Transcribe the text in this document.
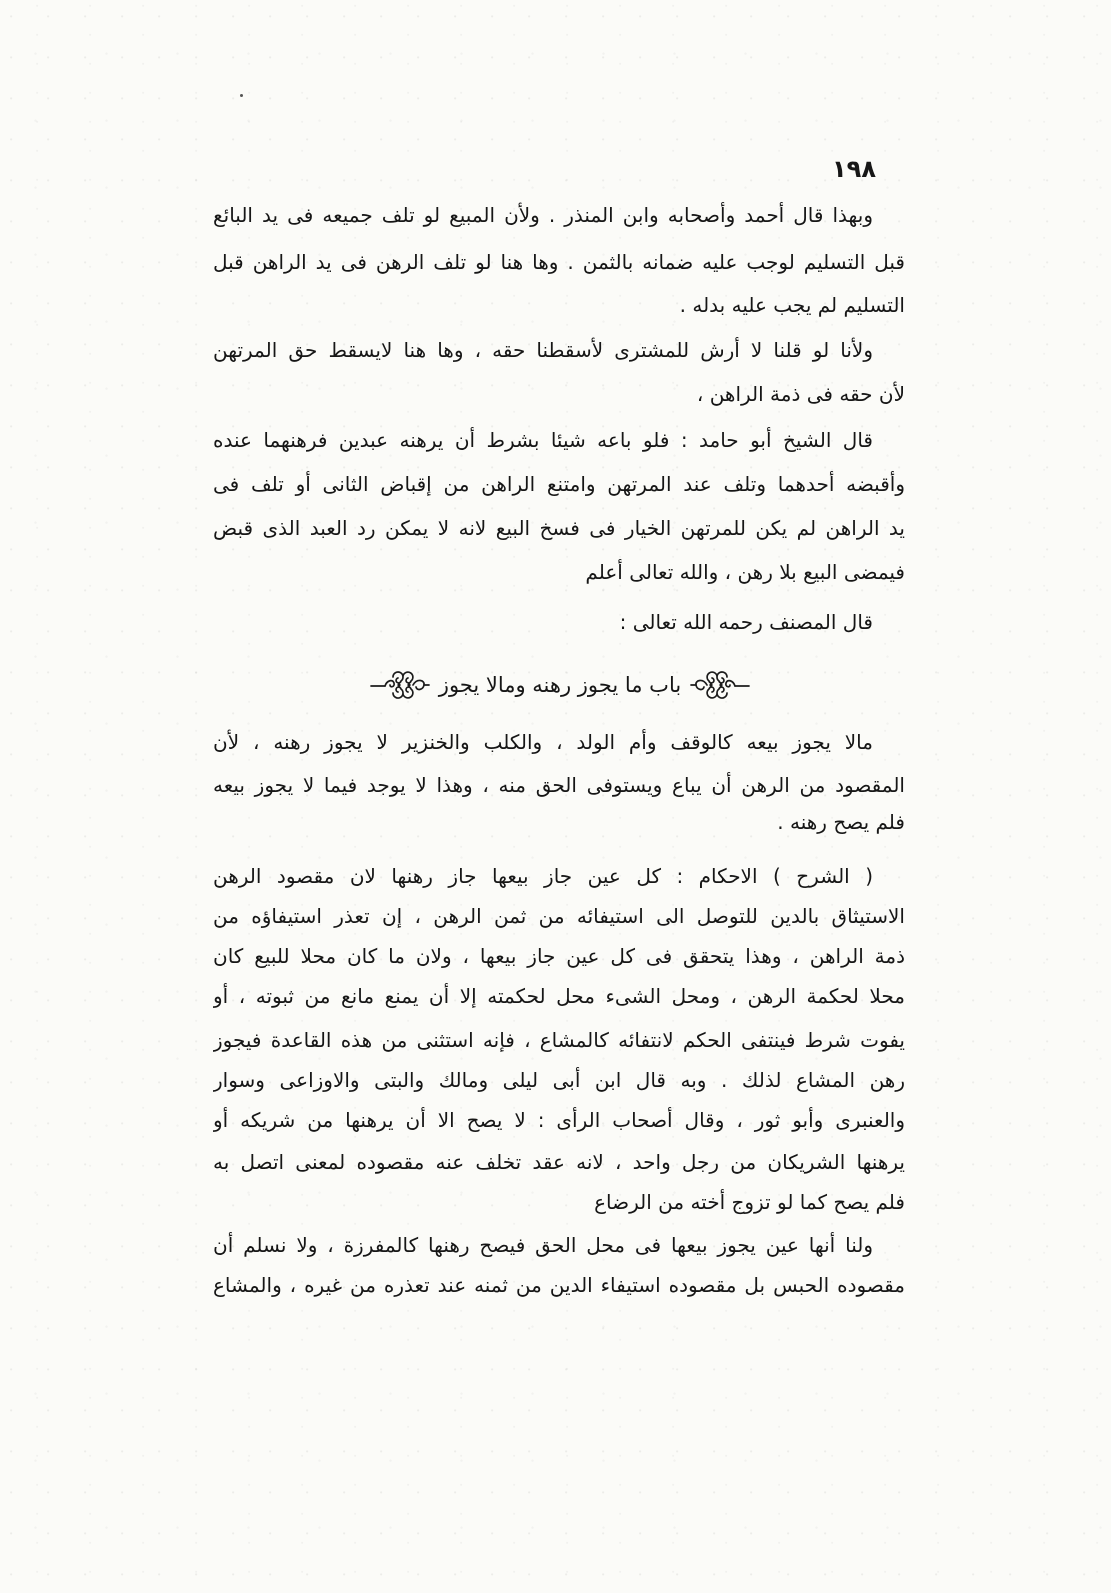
١٩٨
وبهذا قال أحمد وأصحابه وابن المنذر . ولأن المبيع لو تلف جميعه فى يد البائع
قبل التسليم لوجب عليه ضمانه بالثمن . وها هنا لو تلف الرهن فى يد الراهن قبل
التسليم لم يجب عليه بدله .
ولأنا لو قلنا لا أرش للمشترى لأسقطنا حقه ، وها هنا لايسقط حق المرتهن
لأن حقه فى ذمة الراهن ،
قال الشيخ أبو حامد : فلو باعه شيئا بشرط أن يرهنه عبدين فرهنهما عنده
وأقبضه أحدهما وتلف عند المرتهن وامتنع الراهن من إقباض الثانى أو تلف فى
يد الراهن لم يكن للمرتهن الخيار فى فسخ البيع لانه لا يمكن رد العبد الذى قبض
فيمضى البيع بلا رهن ، والله تعالى أعلم
قال المصنف رحمه الله تعالى :
باب ما يجوز رهنه ومالا يجوز
مالا يجوز بيعه كالوقف وأم الولد ، والكلب والخنزير لا يجوز رهنه ، لأن
المقصود من الرهن أن يباع ويستوفى الحق منه ، وهذا لا يوجد فيما لا يجوز بيعه
فلم يصح رهنه .
( الشرح ) الاحكام : كل عين جاز بيعها جاز رهنها لان مقصود الرهن
الاستيثاق بالدين للتوصل الى استيفائه من ثمن الرهن ، إن تعذر استيفاؤه من
ذمة الراهن ، وهذا يتحقق فى كل عين جاز بيعها ، ولان ما كان محلا للبيع كان
محلا لحكمة الرهن ، ومحل الشىء محل لحكمته إلا أن يمنع مانع من ثبوته ، أو
يفوت شرط فينتفى الحكم لانتفائه كالمشاع ، فإنه استثنى من هذه القاعدة فيجوز
رهن المشاع لذلك . وبه قال ابن أبى ليلى ومالك والبتى والاوزاعى وسوار
والعنبرى وأبو ثور ، وقال أصحاب الرأى : لا يصح الا أن يرهنها من شريكه أو
يرهنها الشريكان من رجل واحد ، لانه عقد تخلف عنه مقصوده لمعنى اتصل به
فلم يصح كما لو تزوج أخته من الرضاع
ولنا أنها عين يجوز بيعها فى محل الحق فيصح رهنها كالمفرزة ، ولا نسلم أن
مقصوده الحبس بل مقصوده استيفاء الدين من ثمنه عند تعذره من غيره ، والمشاع
